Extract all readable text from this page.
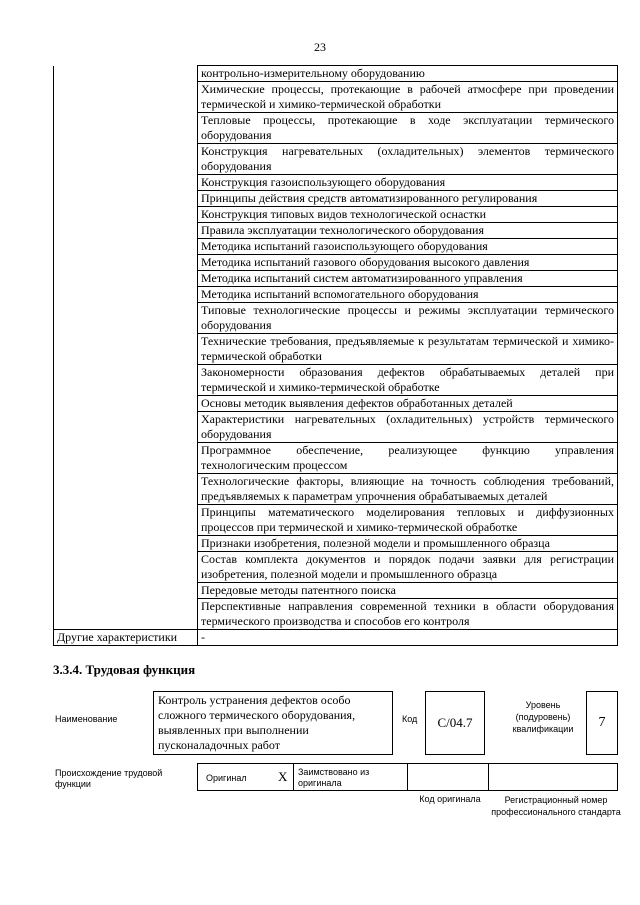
23
	контрольно-измерительному оборудованию
	Химические процессы, протекающие в рабочей атмосфере при проведении термической и химико-термической обработки
	Тепловые процессы, протекающие в ходе эксплуатации термического оборудования
	Конструкция нагревательных (охладительных) элементов термического оборудования
	Конструкция газоиспользующего оборудования
	Принципы действия средств автоматизированного регулирования
	Конструкция типовых видов технологической оснастки
	Правила эксплуатации технологического оборудования
	Методика испытаний газоиспользующего оборудования
	Методика испытаний газового оборудования высокого давления
	Методика испытаний систем автоматизированного управления
	Методика испытаний вспомогательного оборудования
	Типовые технологические процессы и режимы эксплуатации термического оборудования
	Технические требования, предъявляемые к результатам термической и химико-термической обработки
	Закономерности образования дефектов обрабатываемых деталей при термической и химико-термической обработке
	Основы методик выявления дефектов обработанных деталей
	Характеристики нагревательных (охладительных) устройств термического оборудования
	Программное обеспечение, реализующее функцию управления технологическим процессом
	Технологические факторы, влияющие на точность соблюдения требований, предъявляемых к параметрам упрочнения обрабатываемых деталей
	Принципы математического моделирования тепловых и диффузионных процессов при термической и химико-термической обработке
	Признаки изобретения, полезной модели и промышленного образца
	Состав комплекта документов и порядок подачи заявки для регистрации изобретения, полезной модели и промышленного образца
	Передовые методы патентного поиска
	Перспективные направления современной техники в области оборудования термического производства и способов его контроля
Другие характеристики	-
3.3.4. Трудовая функция
Наименование
Контроль устранения дефектов особо сложного термического оборудования, выявленных при выполнении пусконаладочных работ
Код	C/04.7
Уровень (подуровень) квалификации	7
Происхождение трудовой функции
Оригинал X Заимствовано из оригинала
Код оригинала	Регистрационный номер профессионального стандарта
